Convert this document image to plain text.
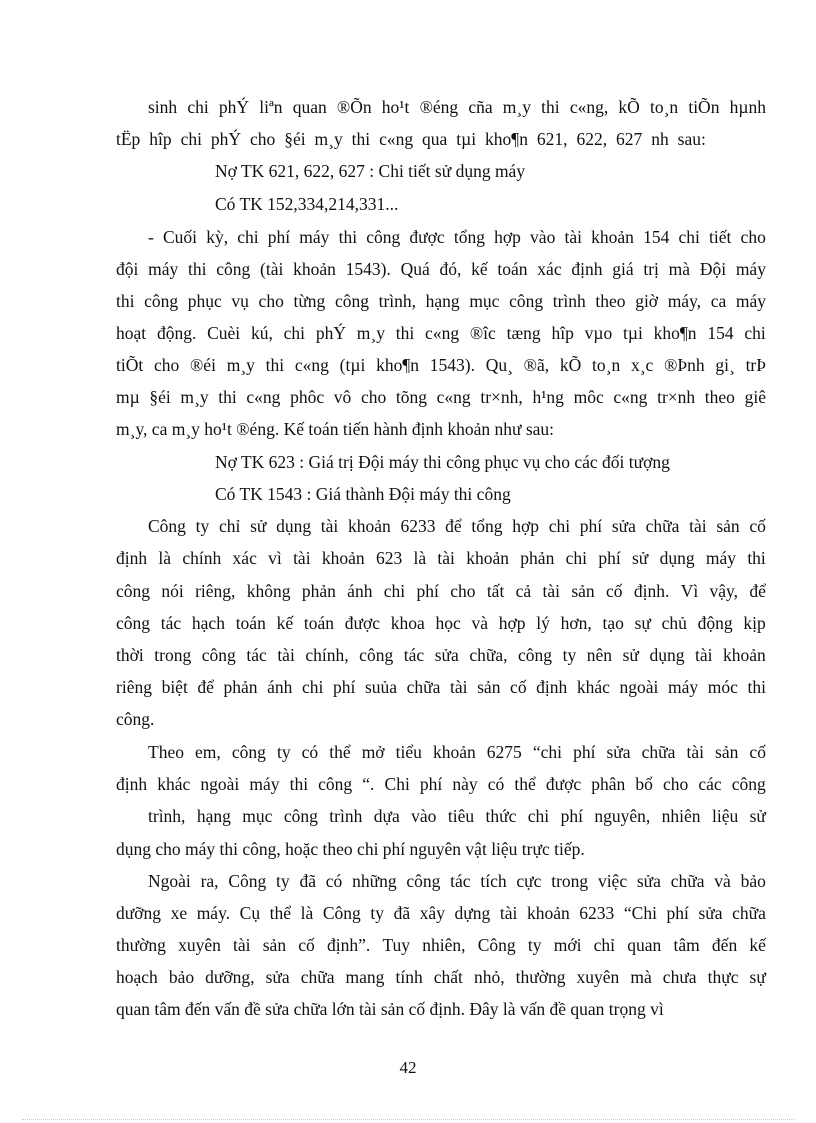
sinh chi phÝ liªn quan ®Õn ho¹t ®éng cña m¸y thi c«ng, kÕ to¸n tiÕn hµnh
tËp hîp chi phÝ cho §éi m¸y thi c«ng qua tµi kho¶n 621, 622, 627 nh sau:
Nợ TK 621, 622, 627 : Chi tiết sử dụng máy
Có TK 152,334,214,331...
- Cuối kỳ, chi phí máy thi công được tổng hợp vào tài khoản 154 chi tiết cho
đội máy thi công (tài khoản 1543). Quá đó, kế toán xác định giá trị mà Đội máy
thi công phục vụ cho từng công trình, hạng mục công trình theo giờ máy, ca máy
hoạt động. Cuèi kú, chi phÝ m¸y thi c«ng ®îc tæng hîp vµo tµi kho¶n 154 chi
tiÕt cho ®éi m¸y thi c«ng (tµi kho¶n 1543). Qu¸ ®ã, kÕ to¸n x¸c ®Þnh gi¸ trÞ
mµ §éi m¸y thi c«ng phôc vô cho tõng c«ng tr×nh, h¹ng môc c«ng tr×nh theo giê
m¸y, ca m¸y ho¹t ®éng. Kế toán tiến hành định khoản như sau:
Nợ TK 623 : Giá trị Đội máy thi công phục vụ cho các đối tượng
Có TK 1543 : Giá thành Đội máy thi công
Công ty chỉ sử dụng tài khoản 6233 để tổng hợp chi phí sửa chữa tài sản cố
định là chính xác vì tài khoản 623 là tài khoản phản chi phí sử dụng máy thi
công nói riêng, không phản ánh chi phí cho tất cả tài sản cố định. Vì vậy, để
công tác hạch toán kế toán được khoa học và hợp lý hơn, tạo sự chủ động kịp
thời trong công tác tài chính, công tác sửa chữa, công ty nên sử dụng tài khoản
riêng biệt để phản ánh chi phí suủa chữa tài sản cố định khác ngoài máy móc thi
công.
Theo em, công ty có thể mở tiểu khoản 6275 “chi phí sửa chữa tài sản cố
định khác ngoài máy thi công “. Chi phí này có thể được phân bổ cho các công
trình, hạng mục công trình dựa vào tiêu thức chi phí nguyên, nhiên liệu sử
dụng cho máy thi công, hoặc theo chi phí nguyên vật liệu trực tiếp.
Ngoài ra, Công ty đã có những công tác tích cực trong việc sửa chữa và bảo
dưỡng xe máy. Cụ thể là Công ty đã xây dựng tài khoản 6233 “Chi phí sửa chữa
thường xuyên tài sản cố định”. Tuy nhiên, Công ty mới chỉ quan tâm đến kế
hoạch bảo dưỡng, sửa chữa mang tính chất nhỏ, thường xuyên mà chưa thực sự
quan tâm đến vấn đề sửa chữa lớn tài sản cố định. Đây là vấn đề quan trọng vì
42
